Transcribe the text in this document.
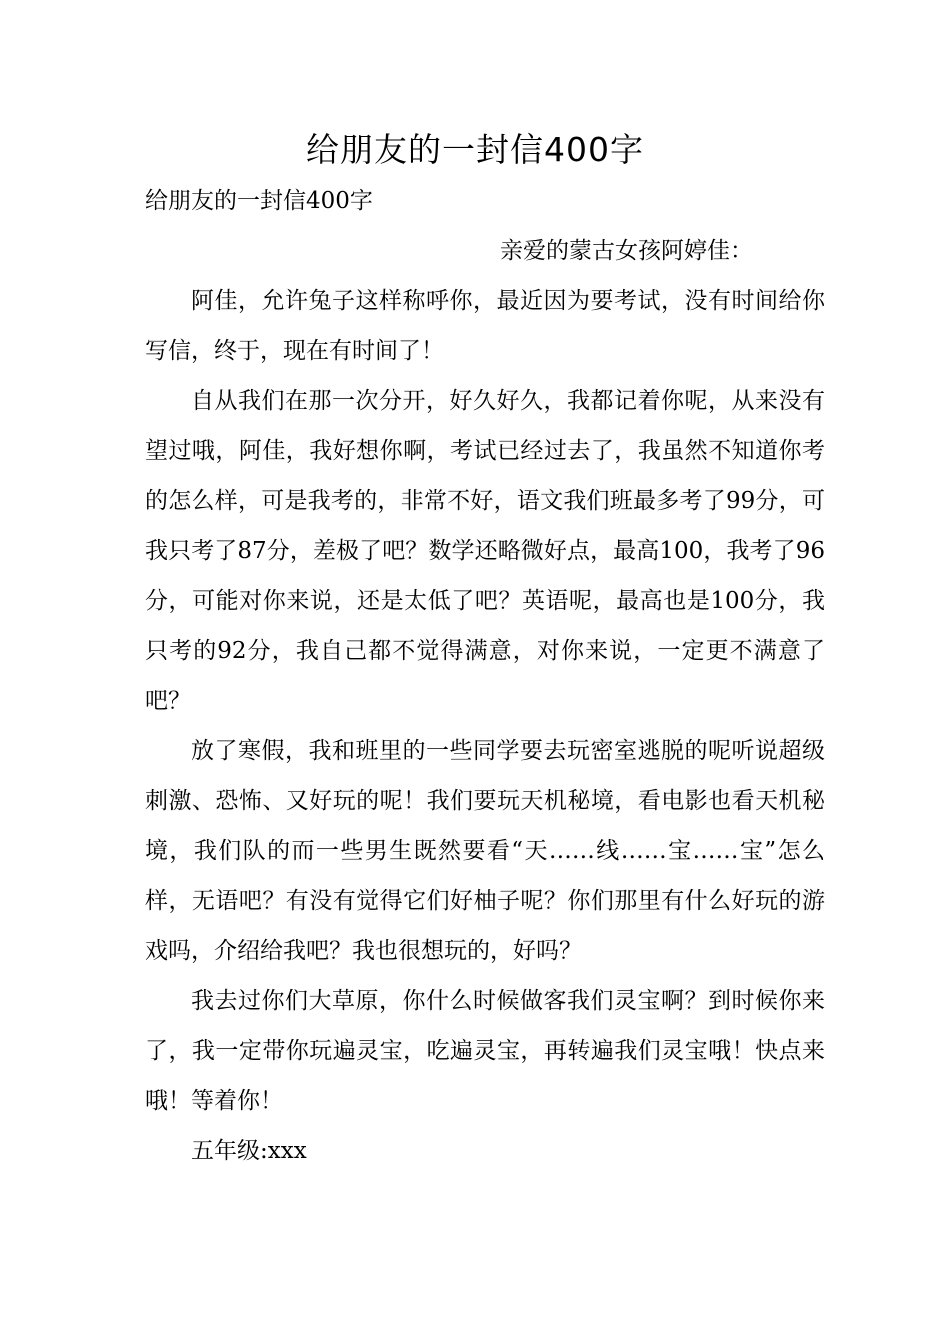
给朋友的一封信400字
给朋友的一封信400字
亲爱的蒙古女孩阿婷佳：

阿佳，允许兔子这样称呼你，最近因为要考试，没有时间给你写信，终于，现在有时间了！

自从我们在那一次分开，好久好久，我都记着你呢，从来没有望过哦，阿佳，我好想你啊，考试已经过去了，我虽然不知道你考的怎么样，可是我考的，非常不好，语文我们班最多考了99分，可我只考了87分，差极了吧？数学还略微好点，最高100，我考了96分，可能对你来说，还是太低了吧？英语呢，最高也是100分，我只考的92分，我自己都不觉得满意，对你来说，一定更不满意了吧？

放了寒假，我和班里的一些同学要去玩密室逃脱的呢听说超级刺激、恐怖、又好玩的呢！我们要玩天机秘境，看电影也看天机秘境，我们队的而一些男生既然要看“天……线……宝……宝”怎么样，无语吧？有没有觉得它们好柚子呢？你们那里有什么好玩的游戏吗，介绍给我吧？我也很想玩的，好吗？

我去过你们大草原，你什么时候做客我们灵宝啊？到时候你来了，我一定带你玩遍灵宝，吃遍灵宝，再转遍我们灵宝哦！快点来哦！等着你！

五年级:xxx
